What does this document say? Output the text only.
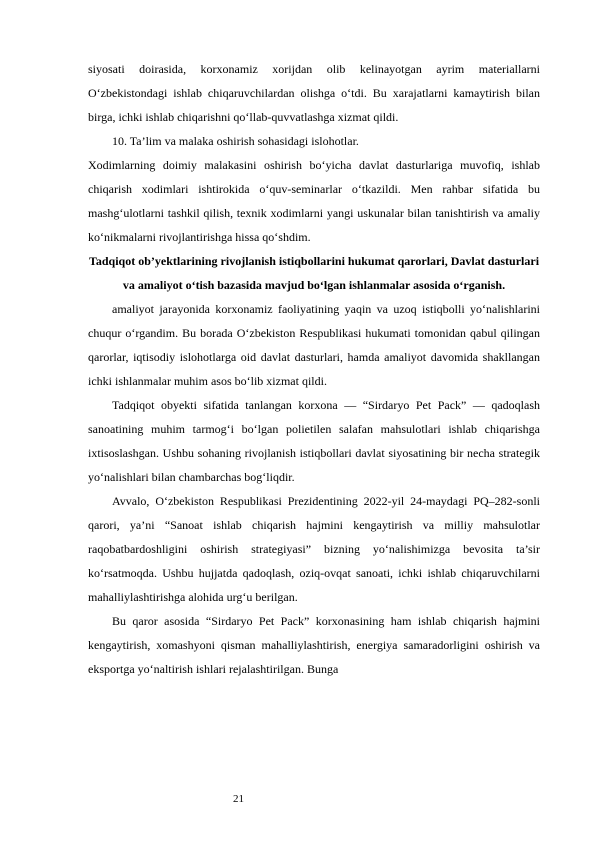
siyosati doirasida, korxonamiz xorijdan olib kelinayotgan ayrim materiallarni O‘zbekistondagi ishlab chiqaruvchilardan olishga o‘tdi. Bu xarajatlarni kamaytirish bilan birga, ichki ishlab chiqarishni qo‘llab-quvvatlashga xizmat qildi.

10. Ta’lim va malaka oshirish sohasidagi islohotlar.

Xodimlarning doimiy malakasini oshirish bo‘yicha davlat dasturlariga muvofiq, ishlab chiqarish xodimlari ishtirokida o‘quv-seminarlar o‘tkazildi. Men rahbar sifatida bu mashg‘ulotlarni tashkil qilish, texnik xodimlarni yangi uskunalar bilan tanishtirish va amaliy ko‘nikmalarni rivojlantirishga hissa qo‘shdim.

Tadqiqot ob’yektlarining rivojlanish istiqbollarini hukumat qarorlari, Davlat dasturlari va amaliyot o‘tish bazasida mavjud bo‘lgan ishlanmalar asosida o‘rganish.

amaliyot jarayonida korxonamiz faoliyatining yaqin va uzoq istiqbolli yo‘nalishlarini chuqur o‘rgandim. Bu borada O‘zbekiston Respublikasi hukumati tomonidan qabul qilingan qarorlar, iqtisodiy islohotlarga oid davlat dasturlari, hamda amaliyot davomida shakllangan ichki ishlanmalar muhim asos bo‘lib xizmat qildi.

Tadqiqot obyekti sifatida tanlangan korxona — “Sirdaryo Pet Pack” — qadoqlash sanoatining muhim tarmog‘i bo‘lgan polietilen salafan mahsulotlari ishlab chiqarishga ixtisoslashgan. Ushbu sohaning rivojlanish istiqbollari davlat siyosatining bir necha strategik yo‘nalishlari bilan chambarchas bog‘liqdir.

Avvalo, O‘zbekiston Respublikasi Prezidentining 2022-yil 24-maydagi PQ–282-sonli qarori, ya’ni “Sanoat ishlab chiqarish hajmini kengaytirish va milliy mahsulotlar raqobatbardoshligini oshirish strategiyasi” bizning yo‘nalishimizga bevosita ta’sir ko‘rsatmoqda. Ushbu hujjatda qadoqlash, oziq-ovqat sanoati, ichki ishlab chiqaruvchilarni mahalliylashtirishga alohida urg‘u berilgan.

Bu qaror asosida “Sirdaryo Pet Pack” korxonasining ham ishlab chiqarish hajmini kengaytirish, xomashyoni qisman mahalliylashtirish, energiya samaradorligini oshirish va eksportga yo‘naltirish ishlari rejalashtirilgan. Bunga

21
